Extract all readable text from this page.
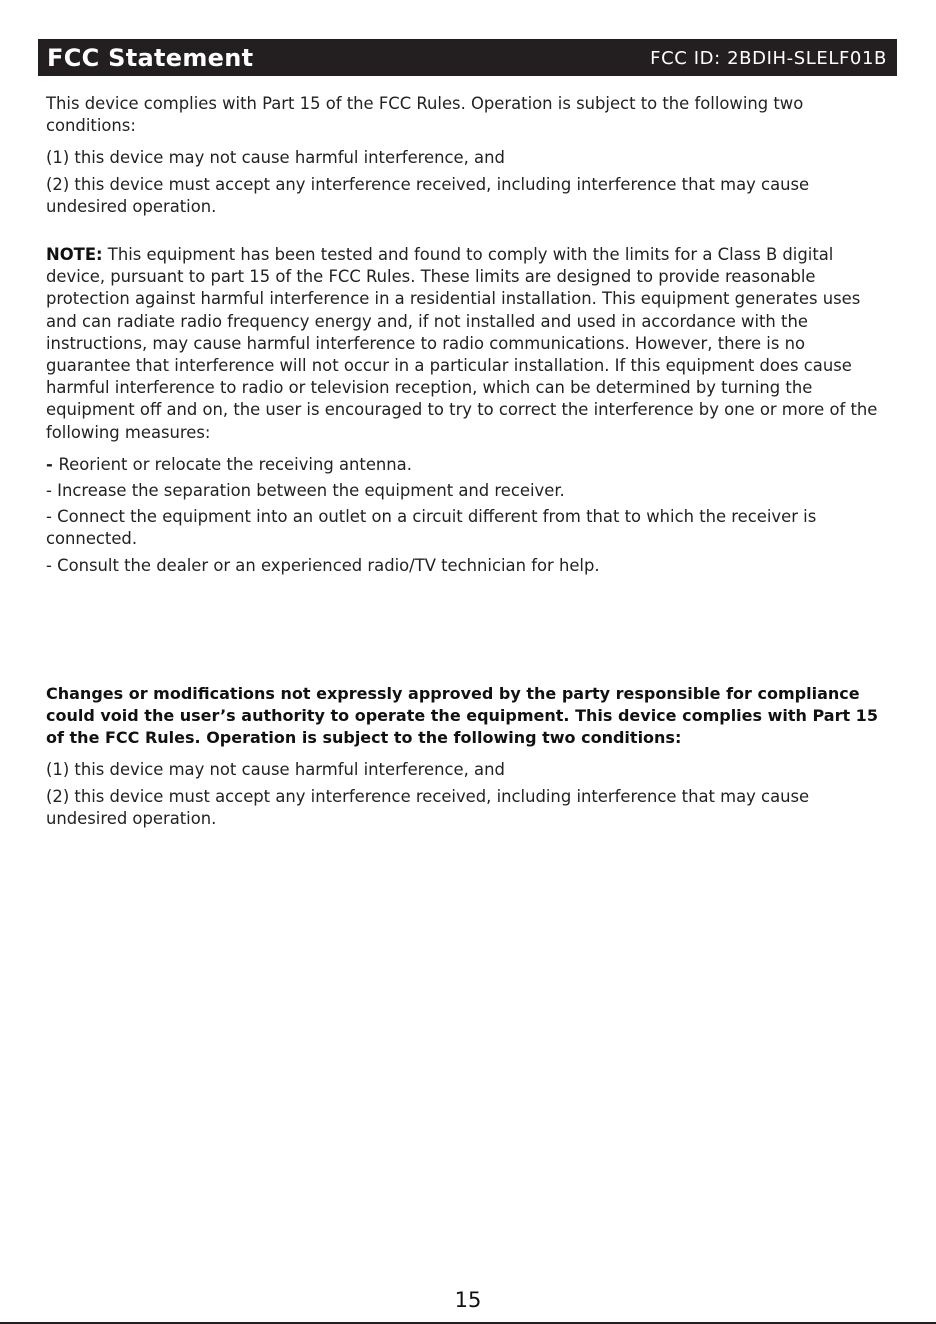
FCC Statement	FCC ID: 2BDIH-SLELF01B

This device complies with Part 15 of the FCC Rules. Operation is subject to the following two conditions:

(1) this device may not cause harmful interference, and

(2) this device must accept any interference received, including interference that may cause undesired operation.

NOTE: This equipment has been tested and found to comply with the limits for a Class B digital device, pursuant to part 15 of the FCC Rules. These limits are designed to provide reasonable protection against harmful interference in a residential installation. This equipment generates uses and can radiate radio frequency energy and, if not installed and used in accordance with the instructions, may cause harmful interference to radio communications. However, there is no guarantee that interference will not occur in a particular installation. If this equipment does cause harmful interference to radio or television reception, which can be determined by turning the equipment off and on, the user is encouraged to try to correct the interference by one or more of the following measures:

- Reorient or relocate the receiving antenna.

- Increase the separation between the equipment and receiver.

- Connect the equipment into an outlet on a circuit different from that to which the receiver is connected.

- Consult the dealer or an experienced radio/TV technician for help.

Changes or modifications not expressly approved by the party responsible for compliance could void the user’s authority to operate the equipment. This device complies with Part 15 of the FCC Rules. Operation is subject to the following two conditions:

(1) this device may not cause harmful interference, and

(2) this device must accept any interference received, including interference that may cause undesired operation.

15
